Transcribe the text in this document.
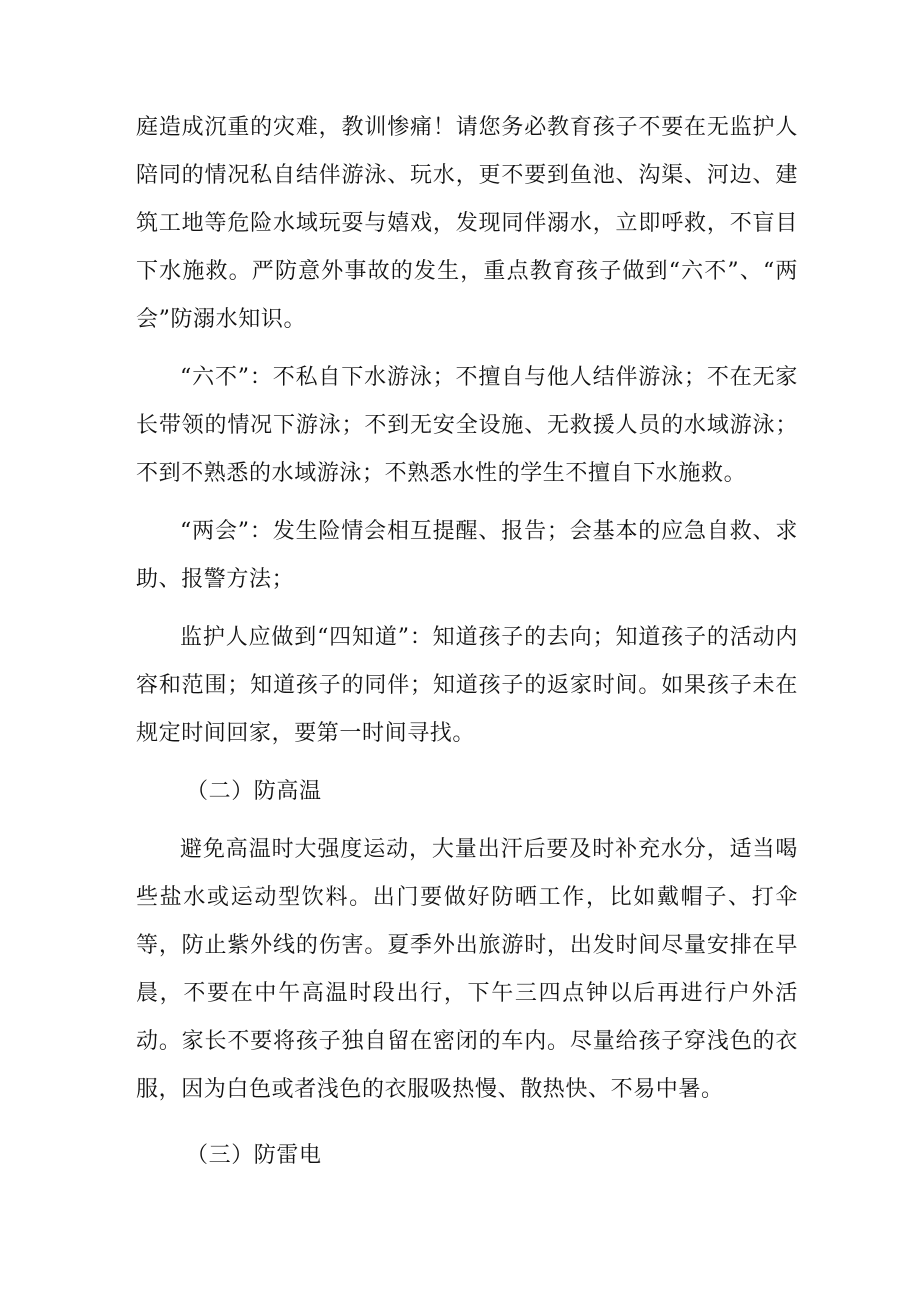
庭造成沉重的灾难，教训惨痛！请您务必教育孩子不要在无监护人陪同的情况私自结伴游泳、玩水，更不要到鱼池、沟渠、河边、建筑工地等危险水域玩耍与嬉戏，发现同伴溺水，立即呼救，不盲目下水施救。严防意外事故的发生，重点教育孩子做到“六不”、“两会”防溺水知识。

“六不”：不私自下水游泳；不擅自与他人结伴游泳；不在无家长带领的情况下游泳；不到无安全设施、无救援人员的水域游泳；不到不熟悉的水域游泳；不熟悉水性的学生不擅自下水施救。

“两会”：发生险情会相互提醒、报告；会基本的应急自救、求助、报警方法；

监护人应做到“四知道”：知道孩子的去向；知道孩子的活动内容和范围；知道孩子的同伴；知道孩子的返家时间。如果孩子未在规定时间回家，要第一时间寻找。

（二）防高温

避免高温时大强度运动，大量出汗后要及时补充水分，适当喝些盐水或运动型饮料。出门要做好防晒工作，比如戴帽子、打伞等，防止紫外线的伤害。夏季外出旅游时，出发时间尽量安排在早晨，不要在中午高温时段出行，下午三四点钟以后再进行户外活动。家长不要将孩子独自留在密闭的车内。尽量给孩子穿浅色的衣服，因为白色或者浅色的衣服吸热慢、散热快、不易中暑。

（三）防雷电
